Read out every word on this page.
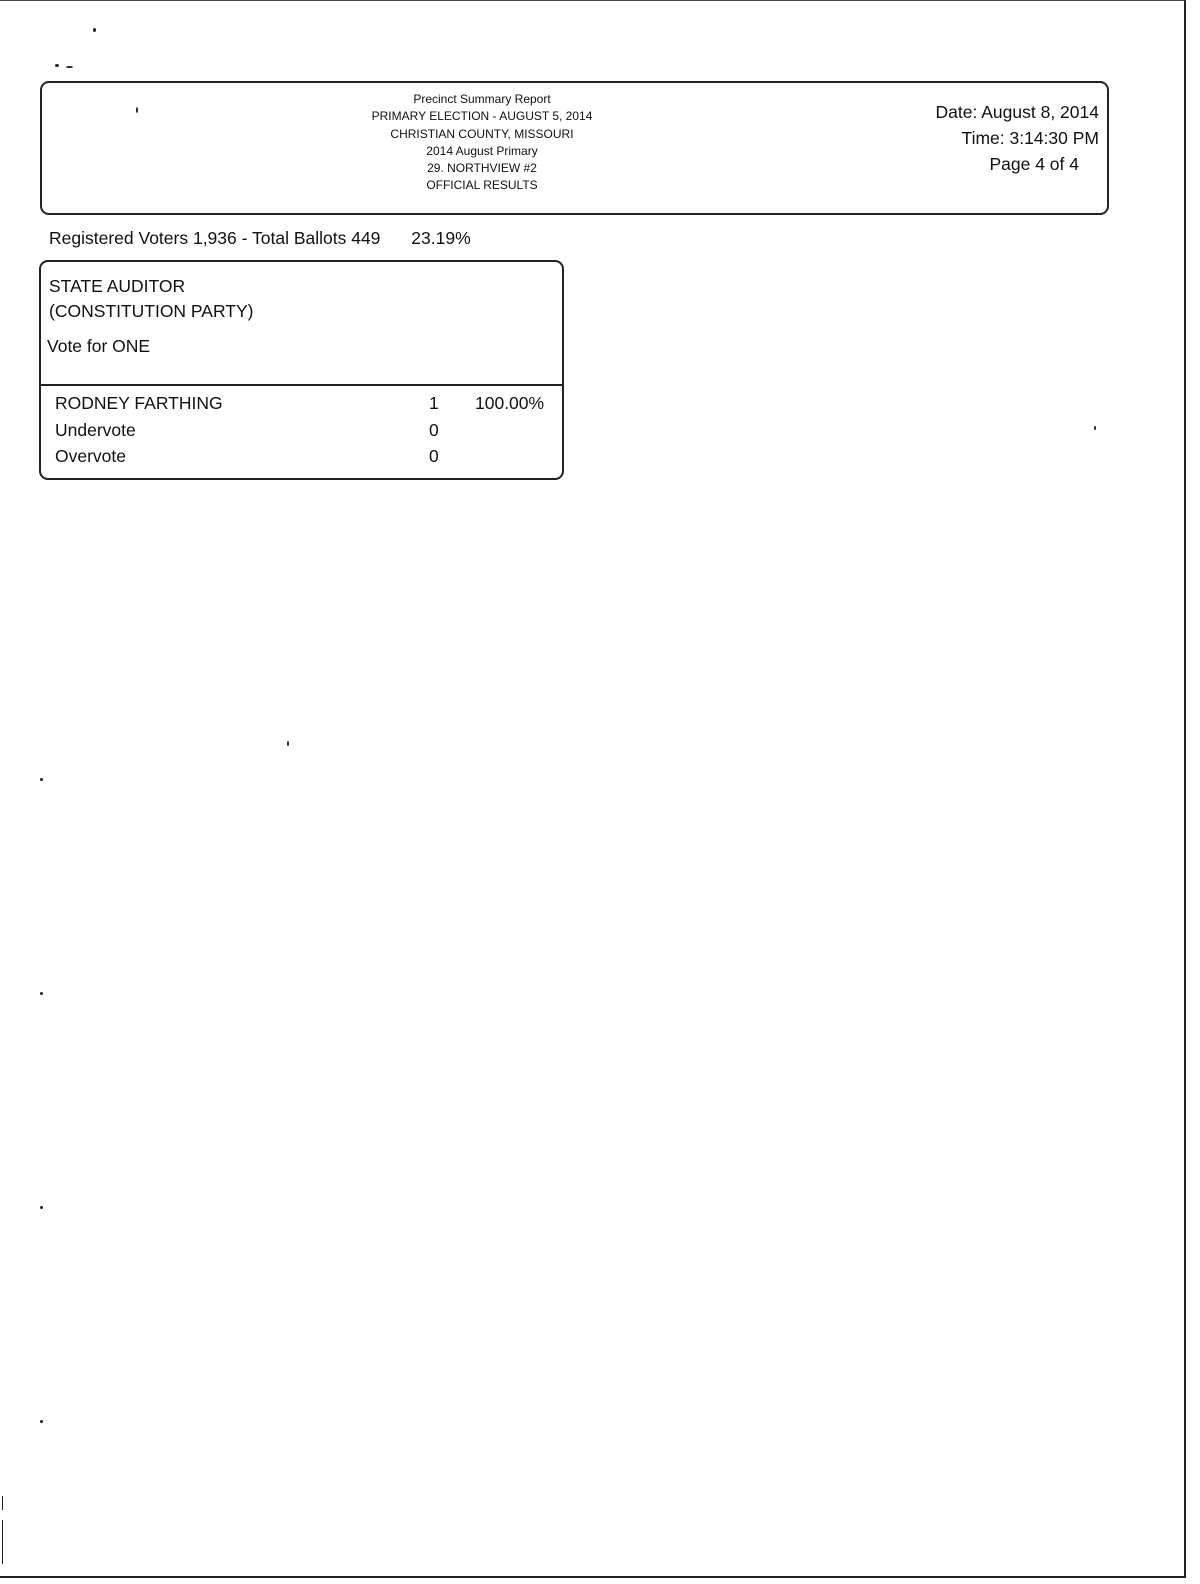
Precinct Summary Report
PRIMARY ELECTION - AUGUST 5, 2014
CHRISTIAN COUNTY, MISSOURI
2014 August Primary
29. NORTHVIEW #2
OFFICIAL RESULTS
Date: August 8, 2014
Time: 3:14:30 PM
Page 4 of 4
Registered Voters 1,936 - Total Ballots 449 23.19%
STATE AUDITOR
(CONSTITUTION PARTY)
Vote for ONE
RODNEY FARTHING	1 100.00%
Undervote	0
Overvote	0
